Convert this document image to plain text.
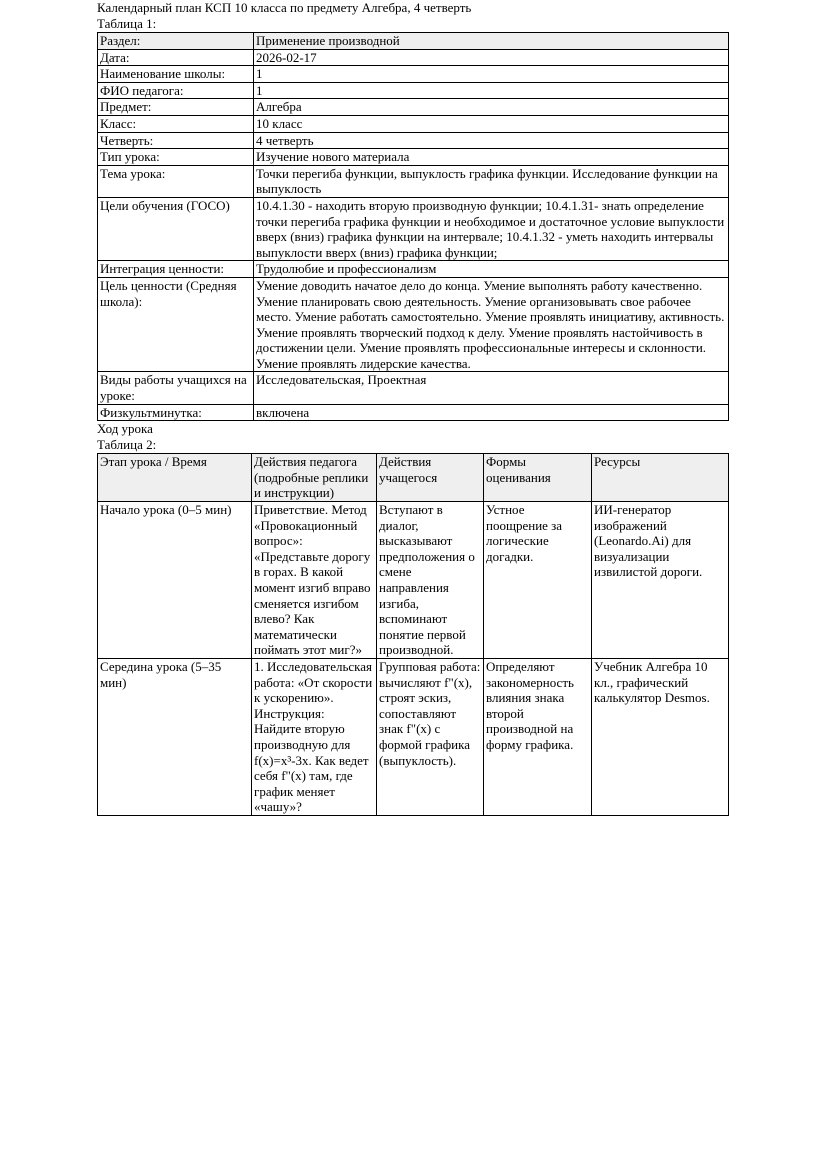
Календарный план КСП 10 класса по предмету Алгебра, 4 четверть

Таблица 1:

Раздел:	Применение производной
Дата:	2026-02-17
Наименование школы:	1
ФИО педагога:	1
Предмет:	Алгебра
Класс:	10 класс
Четверть:	4 четверть
Тип урока:	Изучение нового материала
Тема урока:	Точки перегиба функции, выпуклость графика функции. Исследование функции на выпуклость
Цели обучения (ГОСО)	10.4.1.30 - находить вторую производную функции; 10.4.1.31- знать определение точки перегиба графика функции и необходимое и достаточное условие выпуклости вверх (вниз) графика функции на интервале; 10.4.1.32 - уметь находить интервалы выпуклости вверх (вниз) графика функции;
Интеграция ценности:	Трудолюбие и профессионализм
Цель ценности (Средняя школа):	Умение доводить начатое дело до конца. Умение выполнять работу качественно. Умение планировать свою деятельность. Умение организовывать свое рабочее место. Умение работать самостоятельно. Умение проявлять инициативу, активность. Умение проявлять творческий подход к делу. Умение проявлять настойчивость в достижении цели. Умение проявлять профессиональные интересы и склонности. Умение проявлять лидерские качества.
Виды работы учащихся на уроке:	Исследовательская, Проектная
Физкультминутка:	включена

Ход урока

Таблица 2:

Этап урока / Время	Действия педагога (подробные реплики и инструкции)	Действия учащегося	Формы оценивания	Ресурсы
Начало урока (0–5 мин)	Приветствие. Метод «Провокационный вопрос»: «Представьте дорогу в горах. В какой момент изгиб вправо сменяется изгибом влево? Как математически поймать этот миг?»	Вступают в диалог, высказывают предположения о смене направления изгиба, вспоминают понятие первой производной.	Устное поощрение за логические догадки.	ИИ-генератор изображений (Leonardo.Ai) для визуализации извилистой дороги.
Середина урока (5–35 мин)	1. Исследовательская работа: «От скорости к ускорению». Инструкция: Найдите вторую производную для f(x)=x³-3x. Как ведет себя f"(x) там, где график меняет «чашу»?	Групповая работа: вычисляют f"(x), строят эскиз, сопоставляют знак f"(x) с формой графика (выпуклость).	Определяют закономерность влияния знака второй производной на форму графика.	Учебник Алгебра 10 кл., графический калькулятор Desmos.
